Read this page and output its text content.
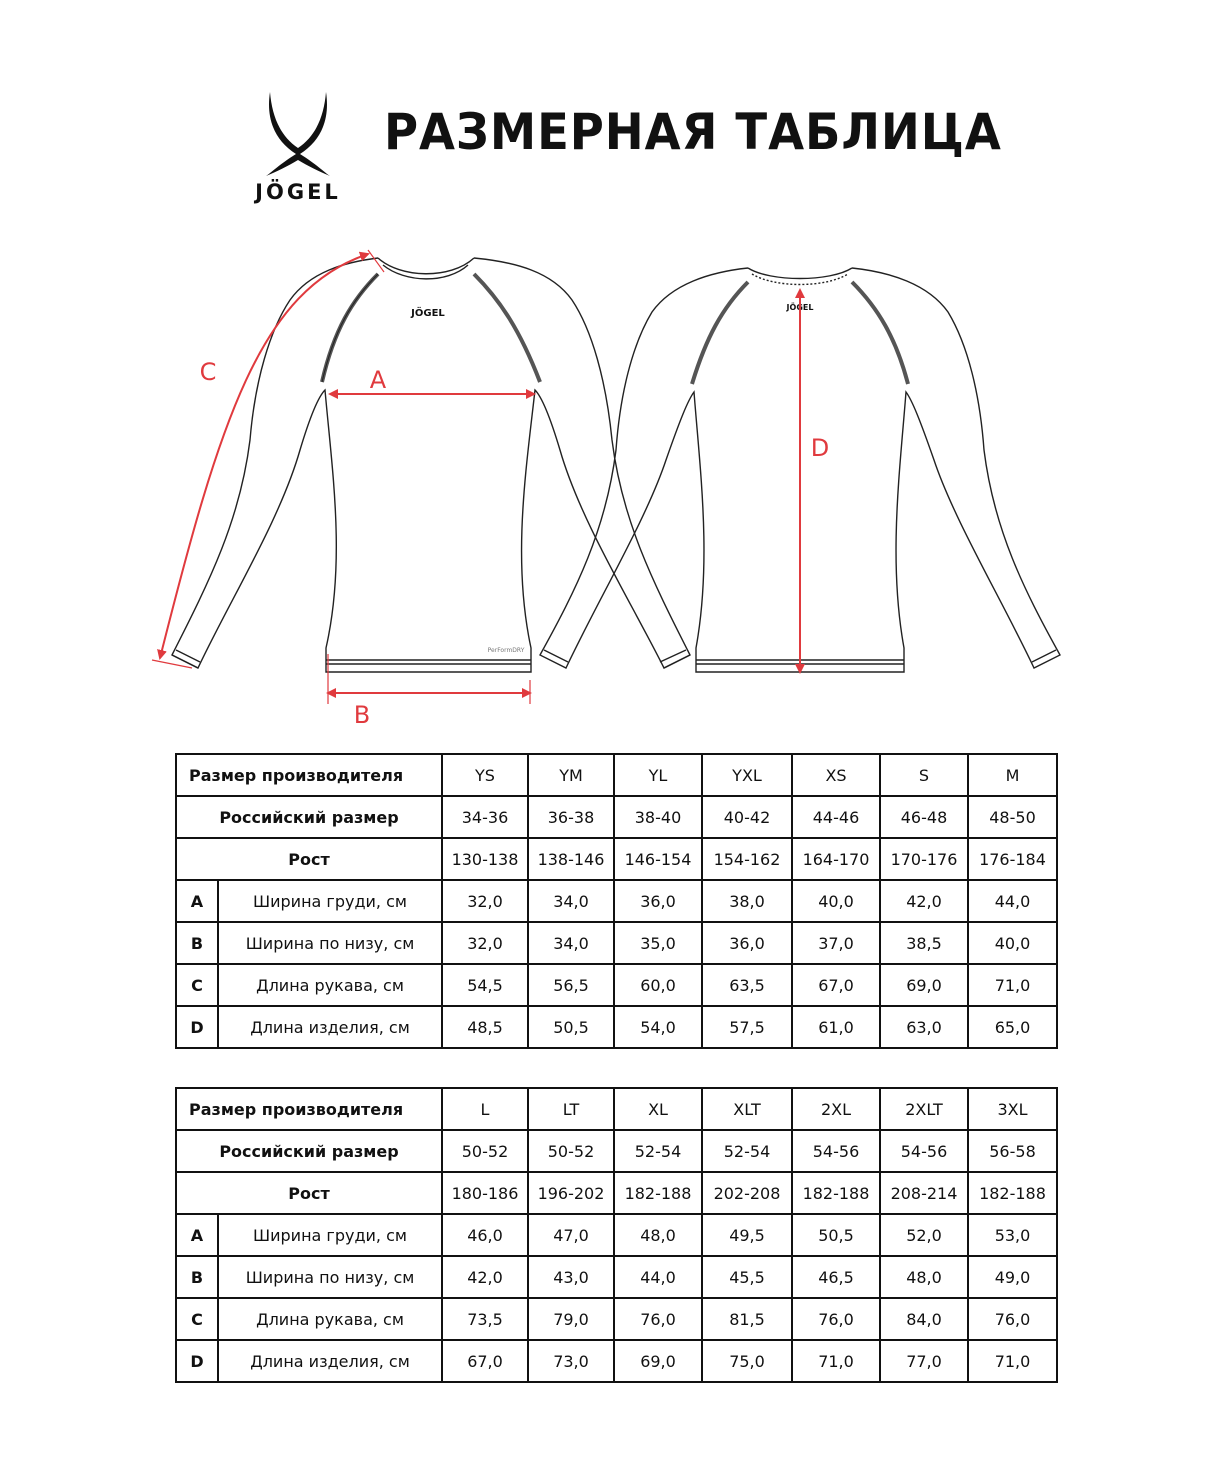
JÖGEL
РАЗМЕРНАЯ ТАБЛИЦА
JÖGEL
PerFormDRY
JÖGEL
A
B
C
D
Размер производителя		YS	YM	YL	YXL	XS	S	M
Российский размер		34-36	36-38	38-40	40-42	44-46	46-48	48-50
Рост		130-138	138-146	146-154	154-162	164-170	170-176	176-184
A	Ширина груди, см	32,0	34,0	36,0	38,0	40,0	42,0	44,0
B	Ширина по низу, см	32,0	34,0	35,0	36,0	37,0	38,5	40,0
C	Длина рукава, см	54,5	56,5	60,0	63,5	67,0	69,0	71,0
D	Длина изделия, см	48,5	50,5	54,0	57,5	61,0	63,0	65,0
Размер производителя		L	LT	XL	XLT	2XL	2XLT	3XL
Российский размер		50-52	50-52	52-54	52-54	54-56	54-56	56-58
Рост		180-186	196-202	182-188	202-208	182-188	208-214	182-188
A	Ширина груди, см	46,0	47,0	48,0	49,5	50,5	52,0	53,0
B	Ширина по низу, см	42,0	43,0	44,0	45,5	46,5	48,0	49,0
C	Длина рукава, см	73,5	79,0	76,0	81,5	76,0	84,0	76,0
D	Длина изделия, см	67,0	73,0	69,0	75,0	71,0	77,0	71,0
